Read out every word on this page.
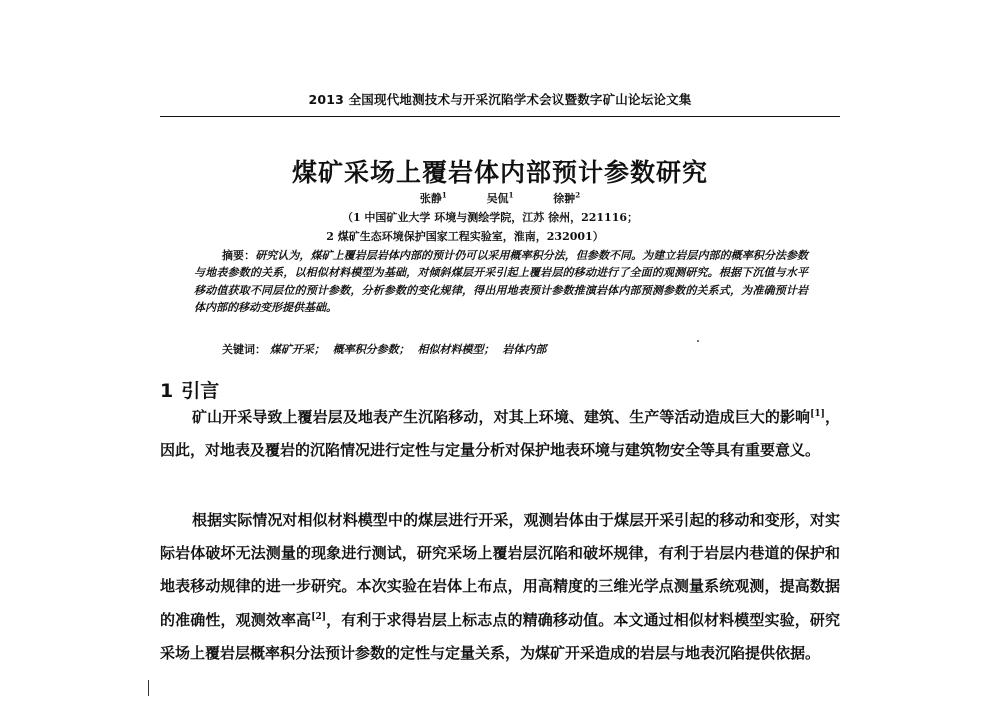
2013 全国现代地测技术与开采沉陷学术会议暨数字矿山论坛论文集
煤矿采场上覆岩体内部预计参数研究
张静$^1$	吴侃$^1$	徐翀$^2$
（1 中国矿业大学 环境与测绘学院，江苏 徐州，221116；
2 煤矿生态环境保护国家工程实验室，淮南，232001）
摘要：研究认为，煤矿上覆岩层岩体内部的预计仍可以采用概率积分法，但参数不同。为建立岩层内部的概率积分法参数与地表参数的关系，以相似材料模型为基础，对倾斜煤层开采引起上覆岩层的移动进行了全面的观测研究。根据下沉值与水平移动值获取不同层位的预计参数，分析参数的变化规律，得出用地表预计参数推演岩体内部预测参数的关系式，为准确预计岩体内部的移动变形提供基础。
关键词： 煤矿开采； 概率积分参数； 相似材料模型； 岩体内部
1 引言

矿山开采导致上覆岩层及地表产生沉陷移动，对其上环境、建筑、生产等活动造成巨大的影响[1]，因此，对地表及覆岩的沉陷情况进行定性与定量分析对保护地表环境与建筑物安全等具有重要意义。

根据实际情况对相似材料模型中的煤层进行开采，观测岩体由于煤层开采引起的移动和变形，对实际岩体破坏无法测量的现象进行测试，研究采场上覆岩层沉陷和破坏规律，有利于岩层内巷道的保护和地表移动规律的进一步研究。本次实验在岩体上布点，用高精度的三维光学点测量系统观测，提高数据的准确性，观测效率高[2]，有利于求得岩层上标志点的精确移动值。本文通过相似材料模型实验，研究采场上覆岩层概率积分法预计参数的定性与定量关系，为煤矿开采造成的岩层与地表沉陷提供依据。
